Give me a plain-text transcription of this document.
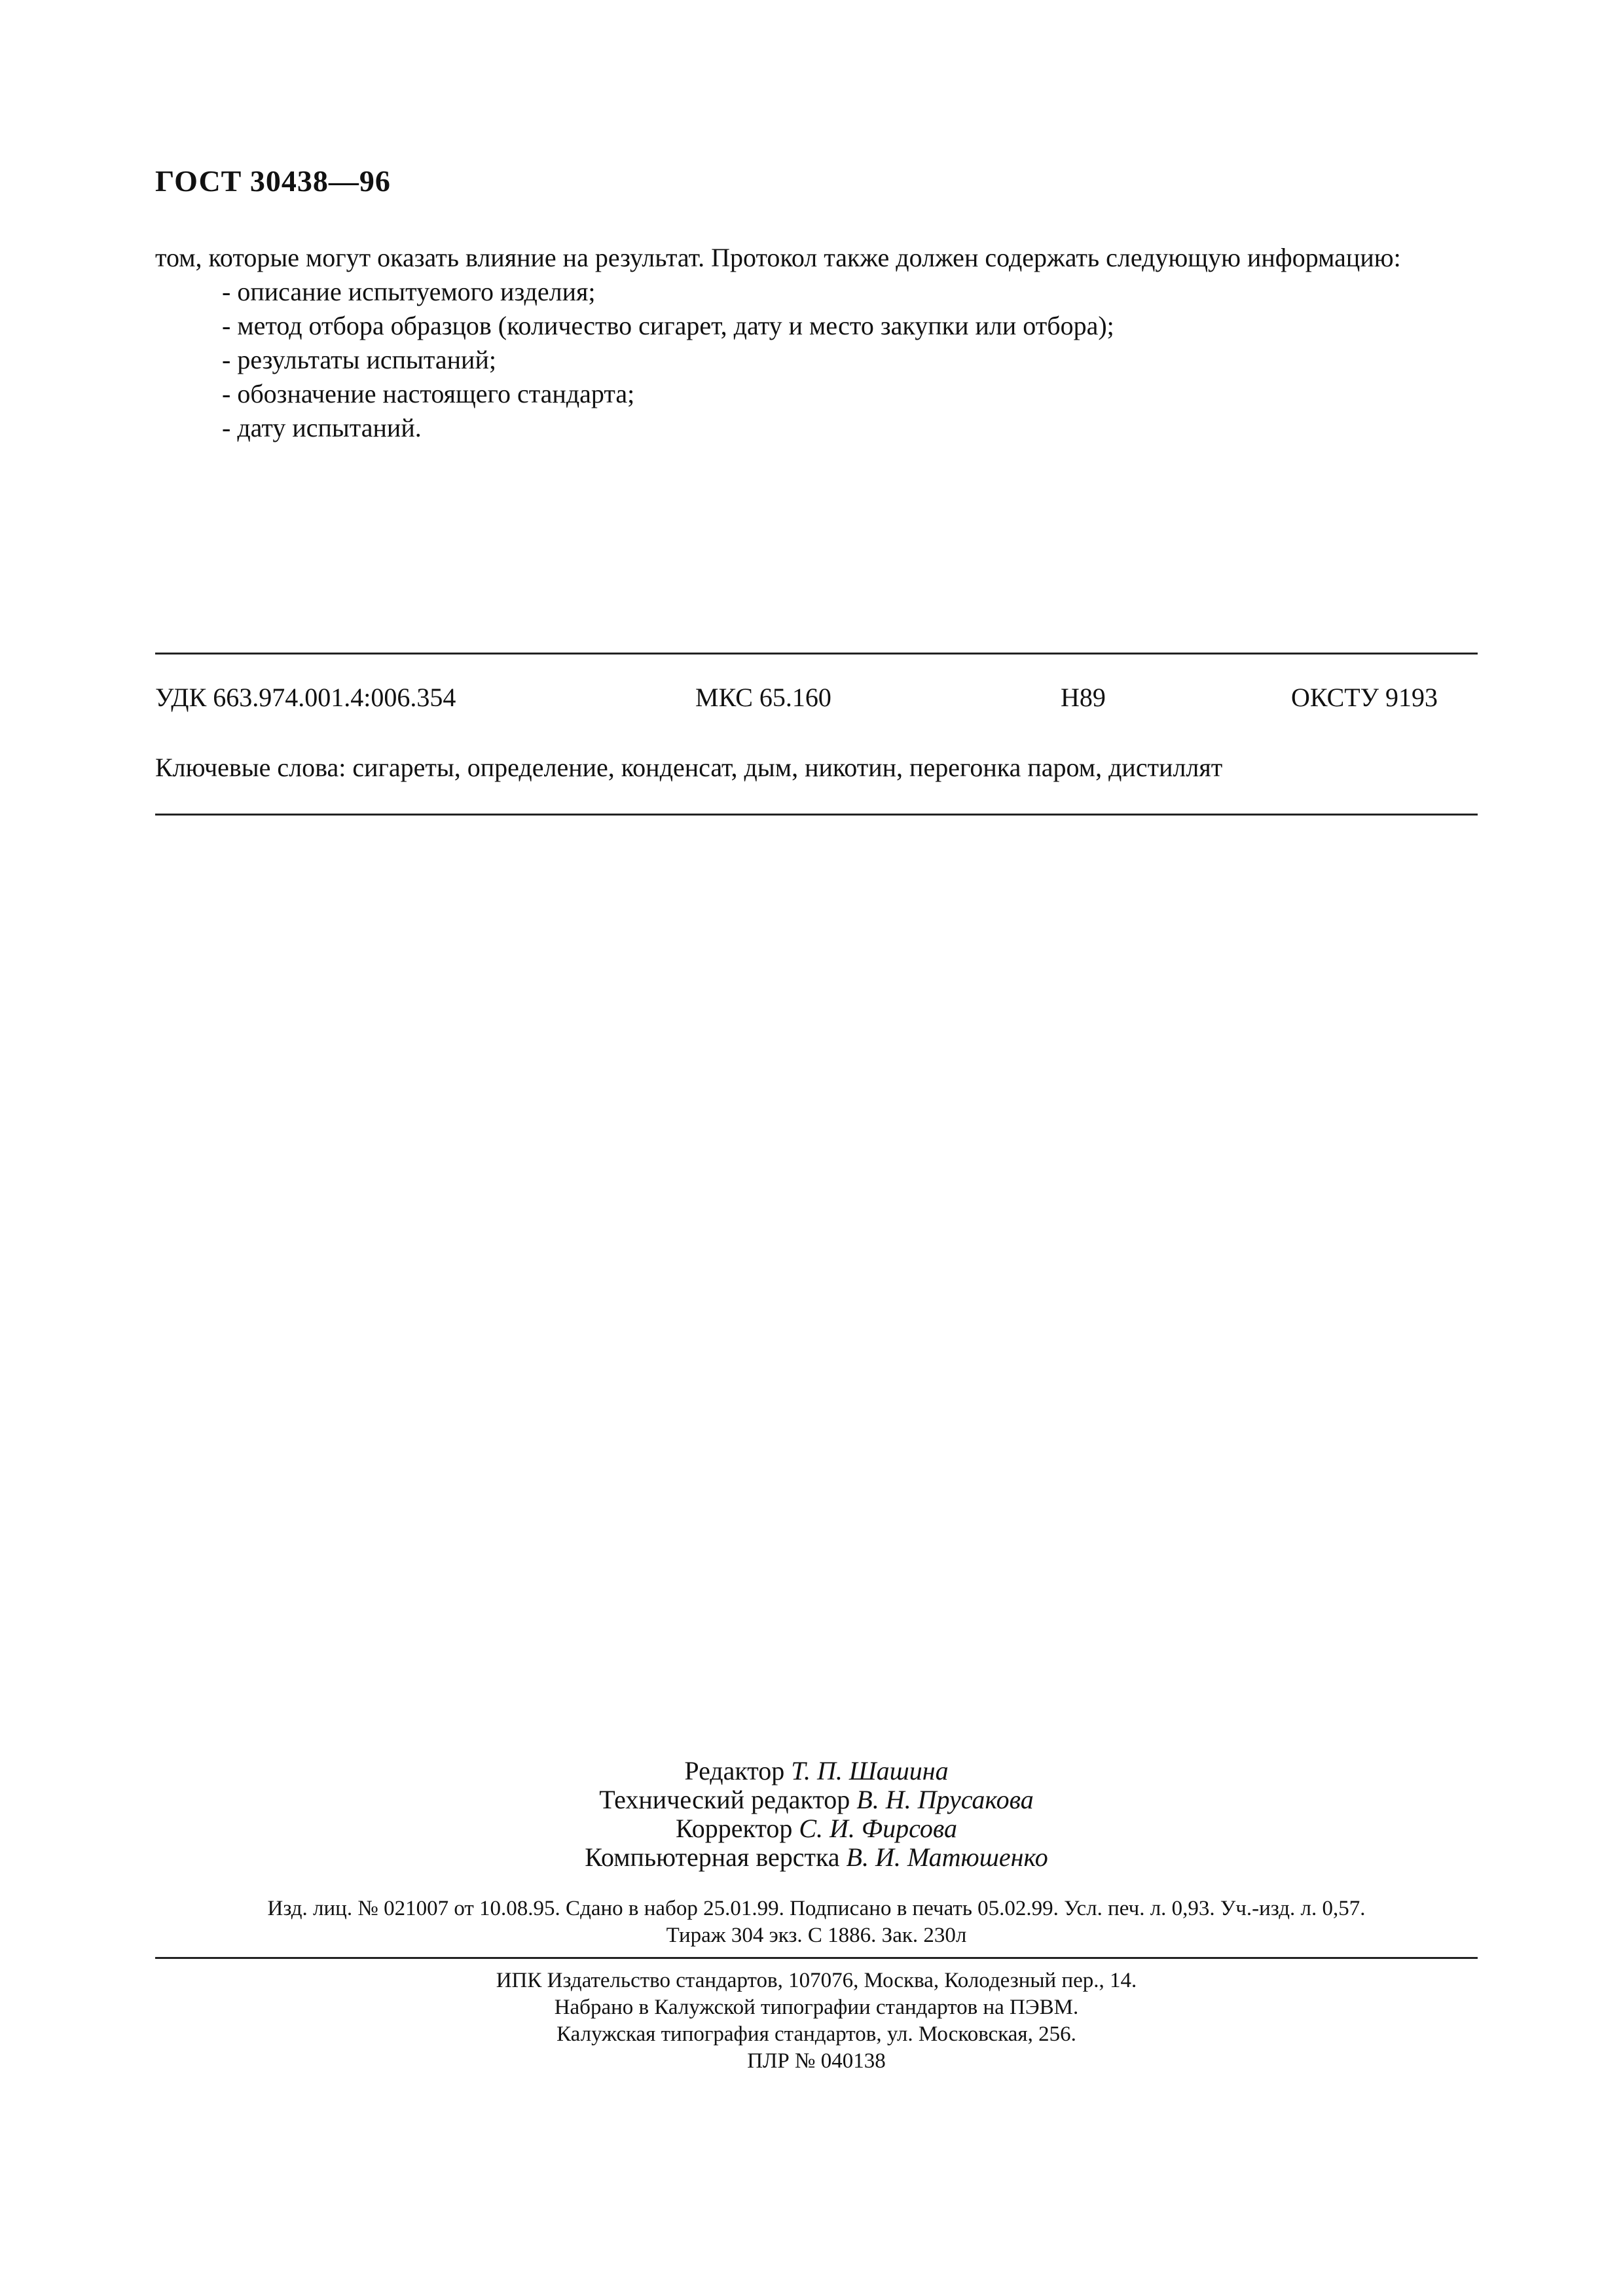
ГОСТ 30438—96

том, которые могут оказать влияние на результат. Протокол также должен содержать следующую информацию:

- описание испытуемого изделия;
- метод отбора образцов (количество сигарет, дату и место закупки или отбора);
- результаты испытаний;
- обозначение настоящего стандарта;
- дату испытаний.
УДК 663.974.001.4:006.354	МКС 65.160	Н89	ОКСТУ 9193
Ключевые слова: сигареты, определение, конденсат, дым, никотин, перегонка паром, дистиллят
Редактор Т. П. Шашина
Технический редактор В. Н. Прусакова
Корректор С. И. Фирсова
Компьютерная верстка В. И. Матюшенко
Изд. лиц. № 021007 от 10.08.95. Сдано в набор 25.01.99. Подписано в печать 05.02.99. Усл. печ. л. 0,93. Уч.-изд. л. 0,57.
Тираж 304 экз. С 1886. Зак. 230л
ИПК Издательство стандартов, 107076, Москва, Колодезный пер., 14.
Набрано в Калужской типографии стандартов на ПЭВМ.
Калужская типография стандартов, ул. Московская, 256.
ПЛР № 040138
